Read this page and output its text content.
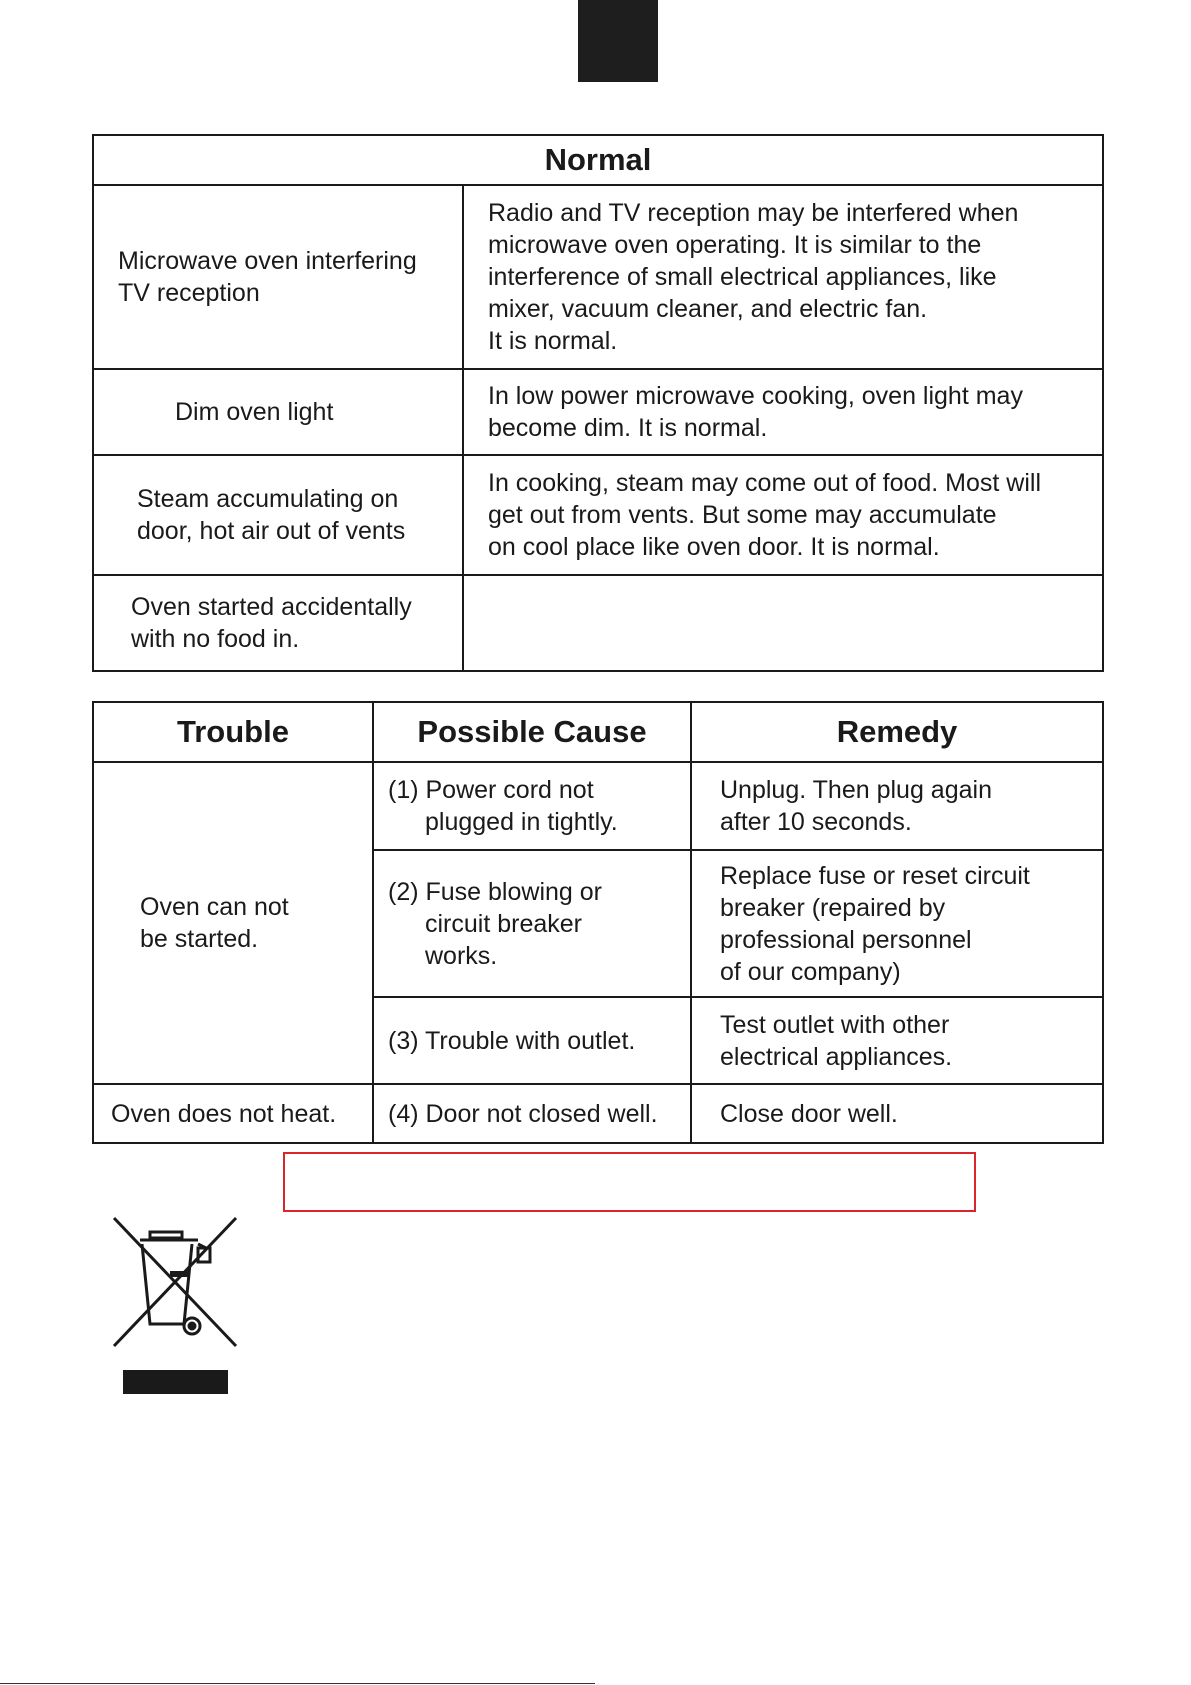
Normal	

Microwave oven interfering
TV reception	Radio and TV reception may be interfered when
microwave oven operating. It is similar to the
interference of small electrical appliances, like
mixer, vacuum cleaner, and electric fan.
It is normal.

Dim oven light	In low power microwave cooking, oven light may
become dim. It is normal.

Steam accumulating on
door, hot air out of vents	In cooking, steam may come out of food. Most will
get out from vents. But some may accumulate
on cool place like oven door. It is normal.

Oven started accidentally
with no food in.	

Trouble	Possible Cause	Remedy

Oven can not
be started.	(1) Power cord not
plugged in tightly.	Unplug. Then plug again
after 10 seconds.

	(2) Fuse blowing or
circuit breaker
works.	Replace fuse or reset circuit
breaker (repaired by
professional personnel
of our company)

	(3) Trouble with outlet.	Test outlet with other
electrical appliances.

Oven does not heat.	(4) Door not closed well.	Close door well.
